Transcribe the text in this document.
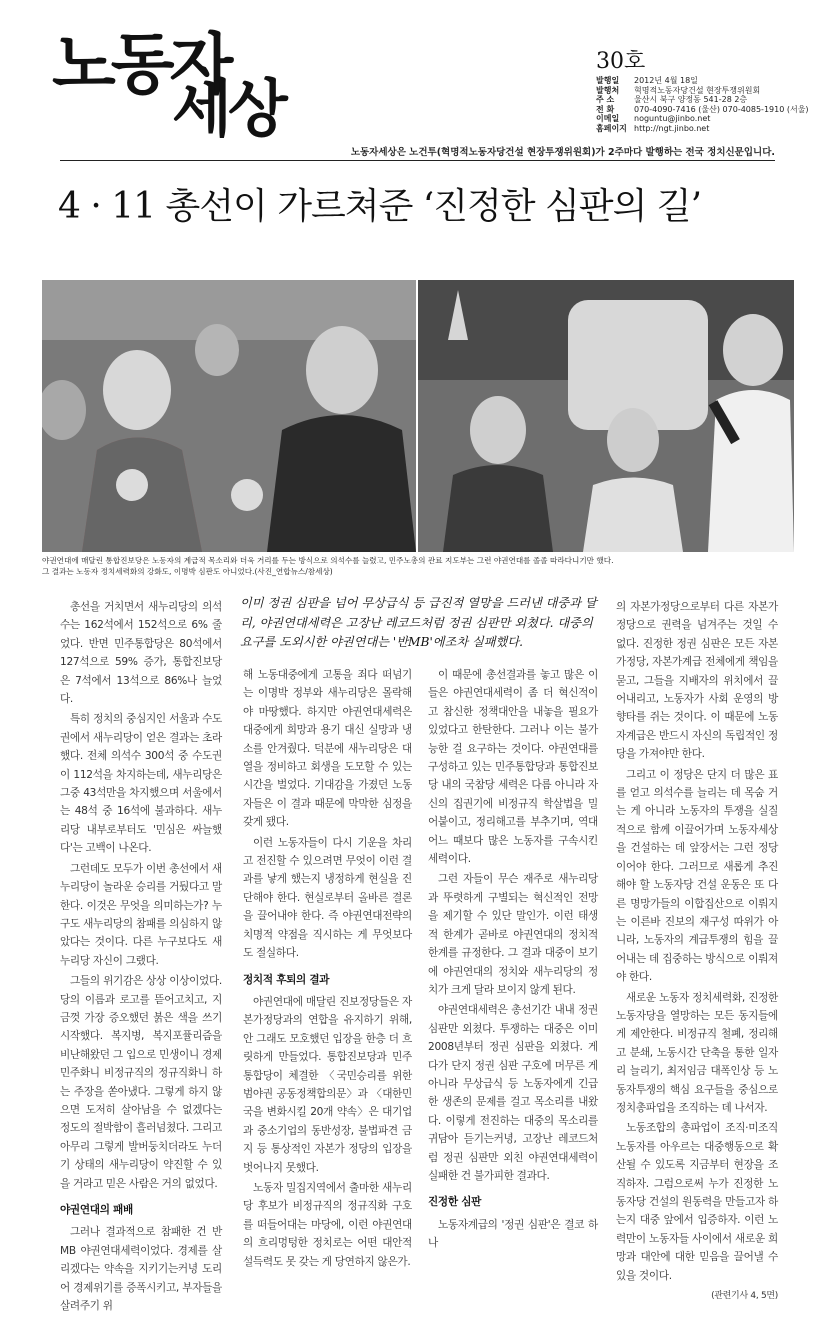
노동자
세상
30호
발행일	2012년 4월 18일
발행처	혁명적노동자당건설 현장투쟁위원회
주 소	울산시 북구 양정동 541-28 2층
전 화	070-4090-7416 (울산) 070-4085-1910 (서울)
이메일	noguntu@jinbo.net
홈페이지 http://ngt.jinbo.net
노동자세상은 노건투(혁명적노동자당건설 현장투쟁위원회)가 2주마다 발행하는 전국 정치신문입니다.
4 · 11 총선이 가르쳐준 ‘진정한 심판의 길’
야권연대에 매달린 통합진보당은 노동자의 계급적 목소리와 더욱 거리를 두는 방식으로 의석수를 늘렸고, 민주노총의 관료 지도부는 그런 야권연대를 졸졸 따라다니기만 했다.
그 결과는 노동자 정치세력화의 강화도, 이명박 심판도 아니었다.(사진_연합뉴스/참세상)
이미 정권 심판을 넘어 무상급식 등 급진적 열망을 드러낸 대중과 달리, 야권연대세력은 고장난 레코드처럼 정권 심판만 외쳤다. 대중의 요구를 도외시한 야권연대는 '반MB'에조차 실패했다.

총선을 거치면서 새누리당의 의석수는 162석에서 152석으로 6% 줄었다. 반면 민주통합당은 80석에서 127석으로 59% 증가, 통합진보당은 7석에서 13석으로 86%나 늘었다.

특히 정치의 중심지인 서울과 수도권에서 새누리당이 얻은 결과는 초라했다. 전체 의석수 300석 중 수도권이 112석을 차지하는데, 새누리당은 그중 43석만을 차지했으며 서울에서는 48석 중 16석에 불과하다. 새누리당 내부로부터도 '민심은 싸늘했다'는 고백이 나온다.

그런데도 모두가 이번 총선에서 새누리당이 놀라운 승리를 거뒀다고 말한다. 이것은 무엇을 의미하는가? 누구도 새누리당의 참패를 의심하지 않았다는 것이다. 다른 누구보다도 새누리당 자신이 그랬다.

그들의 위기감은 상상 이상이었다. 당의 이름과 로고를 뜯어고치고, 지금껏 가장 증오했던 붉은 색을 쓰기 시작했다. 복지병, 복지포퓰리즘을 비난해왔던 그 입으로 민생이니 경제민주화니 비정규직의 정규직화니 하는 주장을 쏟아냈다. 그렇게 하지 않으면 도저히 살아남을 수 없겠다는 정도의 절박함이 흘러넘쳤다. 그리고 아무리 그렇게 발버둥치더라도 누더기 상태의 새누리당이 약진할 수 있을 거라고 믿은 사람은 거의 없었다.

야권연대의 패배

그러나 결과적으로 참패한 건 반MB 야권연대세력이었다. 경제를 살리겠다는 약속을 지키기는커녕 도리어 경제위기를 증폭시키고, 부자들을 살려주기 위

해 노동대중에게 고통을 죄다 떠넘기는 이명박 정부와 새누리당은 몰락해야 마땅했다. 하지만 야권연대세력은 대중에게 희망과 용기 대신 실망과 냉소를 안겨줬다. 덕분에 새누리당은 대열을 정비하고 회생을 도모할 수 있는 시간을 벌었다. 기대감을 가졌던 노동자들은 이 결과 때문에 막막한 심정을 갖게 됐다.

이런 노동자들이 다시 기운을 차리고 전진할 수 있으려면 무엇이 이런 결과를 낳게 했는지 냉정하게 현실을 진단해야 한다. 현실로부터 올바른 결론을 끌어내야 한다. 즉 야권연대전략의 치명적 약점을 직시하는 게 무엇보다도 절실하다.

정치적 후퇴의 결과

야권연대에 매달린 진보정당들은 자본가정당과의 연합을 유지하기 위해, 안 그래도 모호했던 입장을 한층 더 흐릿하게 만들었다. 통합진보당과 민주통합당이 체결한 〈국민승리를 위한 범야권 공동정책합의문〉과 〈대한민국을 변화시킬 20개 약속〉은 대기업과 중소기업의 동반성장, 불법파견 금지 등 통상적인 자본가 정당의 입장을 벗어나지 못했다.

노동자 밀집지역에서 출마한 새누리당 후보가 비정규직의 정규직화 구호를 떠들어대는 마당에, 이런 야권연대의 흐리멍텅한 정치로는 어떤 대안적 설득력도 못 갖는 게 당연하지 않은가.

이 때문에 총선결과를 놓고 많은 이들은 야권연대세력이 좀 더 혁신적이고 참신한 정책대안을 내놓을 필요가 있었다고 한탄한다. 그러나 이는 불가능한 걸 요구하는 것이다. 야권연대를 구성하고 있는 민주통합당과 통합진보당 내의 국참당 세력은 다름 아니라 자신의 집권기에 비정규직 학살법을 밀어붙이고, 정리해고를 부추기며, 역대 어느 때보다 많은 노동자를 구속시킨 세력이다.

그런 자들이 무슨 재주로 새누리당과 뚜렷하게 구별되는 혁신적인 전망을 제기할 수 있단 말인가. 이런 태생적 한계가 곧바로 야권연대의 정치적 한계를 규정한다. 그 결과 대중이 보기에 야권연대의 정치와 새누리당의 정치가 크게 달라 보이지 않게 된다.

야권연대세력은 총선기간 내내 정권 심판만 외쳤다. 투쟁하는 대중은 이미 2008년부터 정권 심판을 외쳤다. 게다가 단지 정권 심판 구호에 머무른 게 아니라 무상급식 등 노동자에게 긴급한 생존의 문제를 걸고 목소리를 내왔다. 이렇게 전진하는 대중의 목소리를 귀담아 듣기는커녕, 고장난 레코드처럼 정권 심판만 외친 야권연대세력이 실패한 건 불가피한 결과다.

진정한 심판

노동자계급의 '정권 심판'은 결코 하나

의 자본가정당으로부터 다른 자본가정당으로 권력을 넘겨주는 것일 수 없다. 진정한 정권 심판은 모든 자본가정당, 자본가계급 전체에게 책임을 묻고, 그들을 지배자의 위치에서 끌어내리고, 노동자가 사회 운영의 방향타를 쥐는 것이다. 이 때문에 노동자계급은 반드시 자신의 독립적인 정당을 가져야만 한다.

그리고 이 정당은 단지 더 많은 표를 얻고 의석수를 늘리는 데 목숨 거는 게 아니라 노동자의 투쟁을 실질적으로 함께 이끌어가며 노동자세상을 건설하는 데 앞장서는 그런 정당이어야 한다. 그러므로 새롭게 추진해야 할 노동자당 건설 운동은 또 다른 명망가들의 이합집산으로 이뤄지는 이른바 진보의 재구성 따위가 아니라, 노동자의 계급투쟁의 힘을 끌어내는 데 집중하는 방식으로 이뤄져야 한다.

새로운 노동자 정치세력화, 진정한 노동자당을 열망하는 모든 동지들에게 제안한다. 비정규직 철폐, 정리해고 분쇄, 노동시간 단축을 통한 일자리 늘리기, 최저임금 대폭인상 등 노동자투쟁의 핵심 요구들을 중심으로 정치총파업을 조직하는 데 나서자.

노동조합의 총파업이 조직·미조직 노동자를 아우르는 대중행동으로 확산될 수 있도록 지금부터 현장을 조직하자. 그럼으로써 누가 진정한 노동자당 건설의 원동력을 만들고자 하는지 대중 앞에서 입증하자. 이런 노력만이 노동자들 사이에서 새로운 희망과 대안에 대한 믿음을 끌어낼 수 있을 것이다.

(관련기사 4, 5면)
